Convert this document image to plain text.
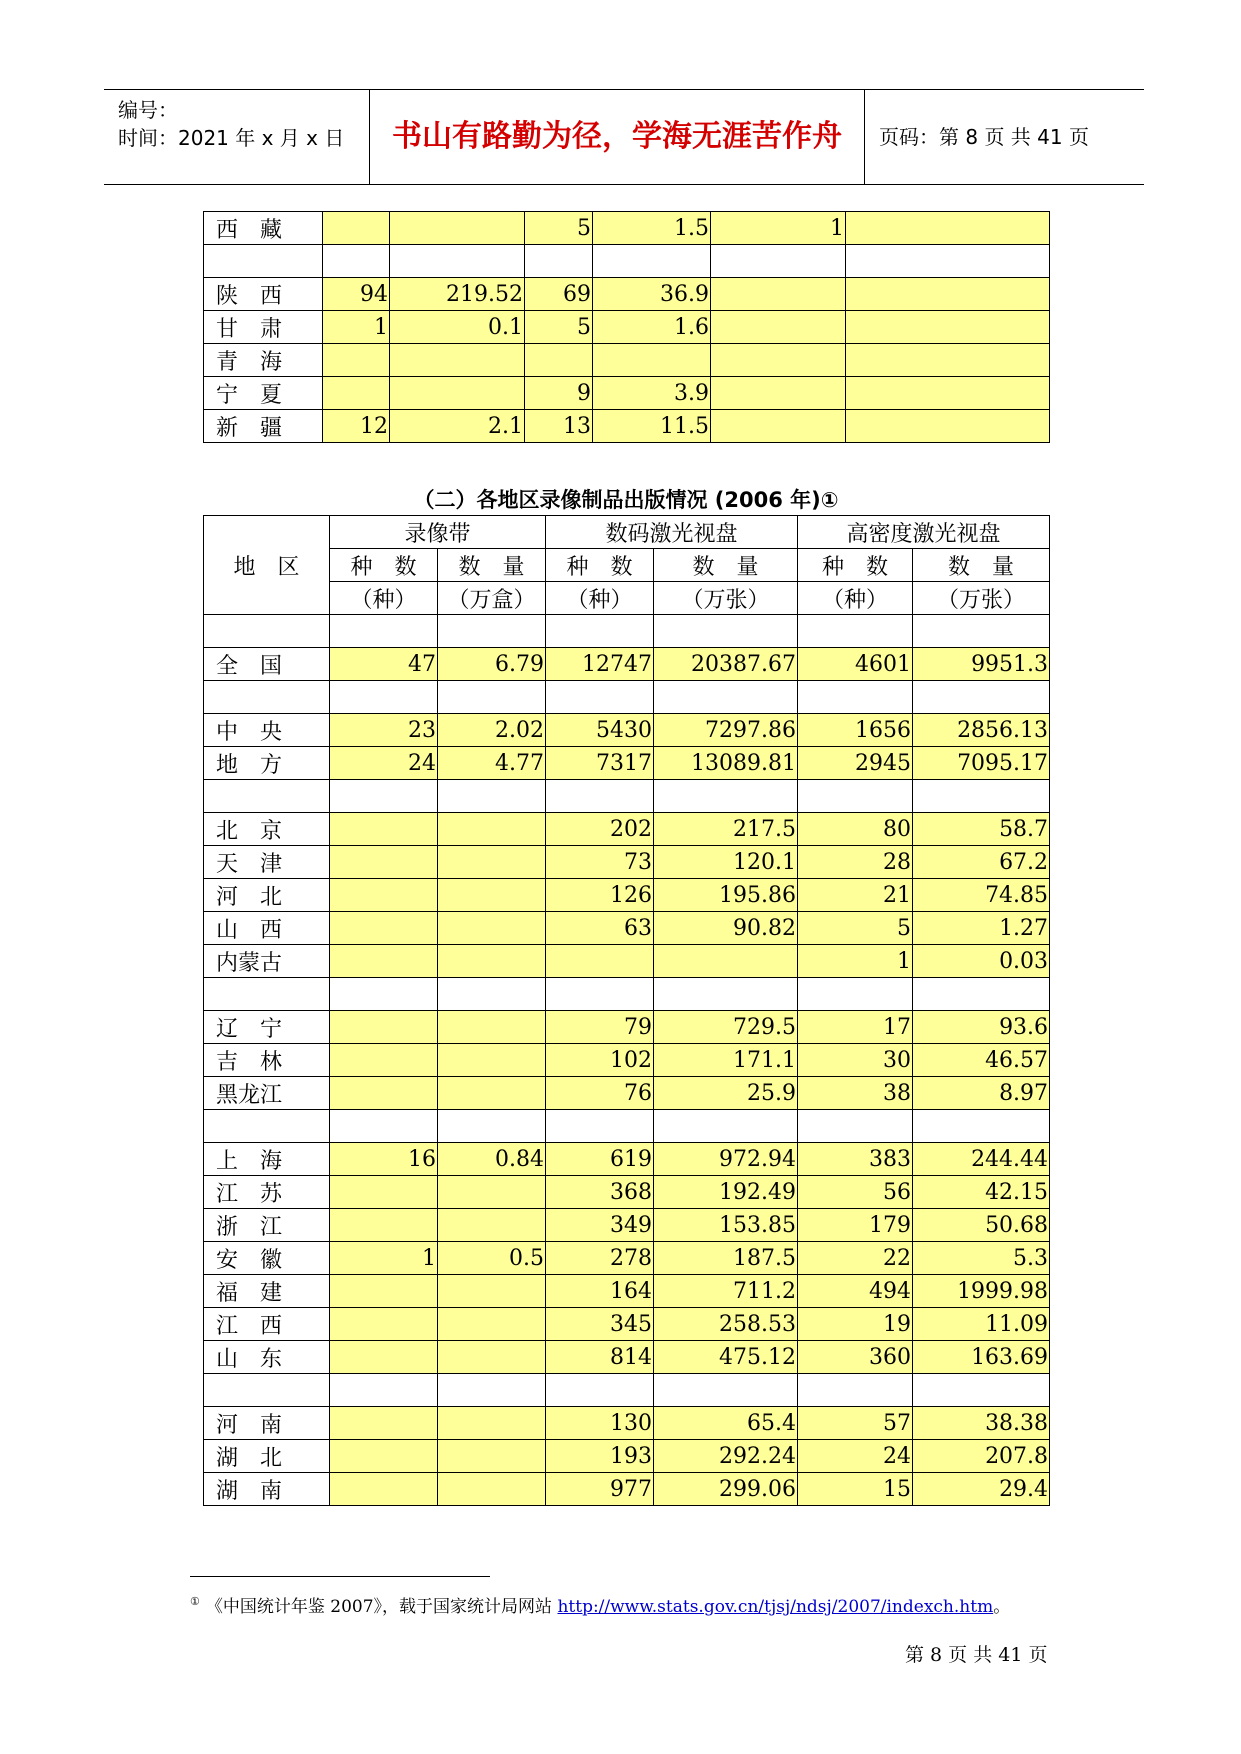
编号：
时间：2021 年 x 月 x 日	书山有路勤为径，学海无涯苦作舟	页码：第 8 页 共 41 页
西　藏			5	1.5	1	

陕　西	94	219.52	69	36.9		
甘　肃	1	0.1	5	1.6		
青　海						
宁　夏			9	3.9		
新　疆	12	2.1	13	11.5		
（二）各地区录像制品出版情况 (2006 年)①
地　区	录像带		数码激光视盘		高密度激光视盘	
	种　数	数　量	种　数	数　量	种　数	数　量
	（种）	（万盒）	（种）	（万张）	（种）	（万张）

全　国	47	6.79	12747	20387.67	4601	9951.3

中　央	23	2.02	5430	7297.86	1656	2856.13
地　方	24	4.77	7317	13089.81	2945	7095.17

北　京			202	217.5	80	58.7
天　津			73	120.1	28	67.2
河　北			126	195.86	21	74.85
山　西			63	90.82	5	1.27
内蒙古					1	0.03

辽　宁			79	729.5	17	93.6
吉　林			102	171.1	30	46.57
黑龙江			76	25.9	38	8.97

上　海	16	0.84	619	972.94	383	244.44
江　苏			368	192.49	56	42.15
浙　江			349	153.85	179	50.68
安　徽	1	0.5	278	187.5	22	5.3
福　建			164	711.2	494	1999.98
江　西			345	258.53	19	11.09
山　东			814	475.12	360	163.69

河　南			130	65.4	57	38.38
湖　北			193	292.24	24	207.8
湖　南			977	299.06	15	29.4
① 《中国统计年鉴 2007》，载于国家统计局网站 http://www.stats.gov.cn/tjsj/ndsj/2007/indexch.htm。
第 8 页 共 41 页
